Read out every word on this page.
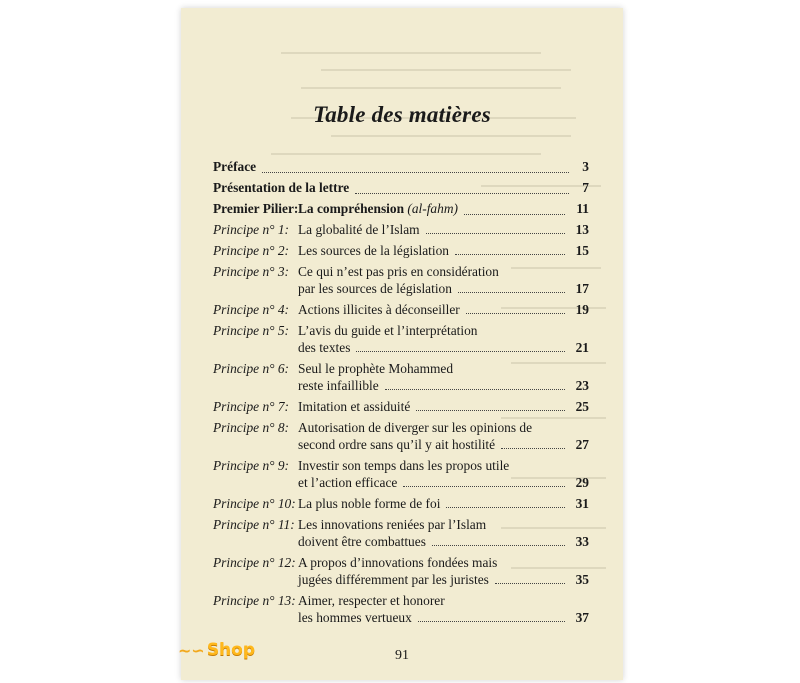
Table des matières
Préface	3
Présentation de la lettre	7
Premier Pilier: La compréhension (al-fahm)	11
Principe n° 1: La globalité de l’Islam	13
Principe n° 2: Les sources de la législation	15
Principe n° 3: Ce qui n’est pas pris en considération
par les sources de législation	17
Principe n° 4: Actions illicites à déconseiller	19
Principe n° 5: L’avis du guide et l’interprétation
des textes	21
Principe n° 6: Seul le prophète Mohammed
reste infaillible	23
Principe n° 7: Imitation et assiduité	25
Principe n° 8: Autorisation de diverger sur les opinions de
second ordre sans qu’il y ait hostilité	27
Principe n° 9: Investir son temps dans les propos utile
et l’action efficace	29
Principe n° 10: La plus noble forme de foi	31
Principe n° 11: Les innovations reniées par l’Islam
doivent être combattues	33
Principe n° 12: A propos d’innovations fondées mais
jugées différemment par les juristes	35
Principe n° 13: Aimer, respecter et honorer
les hommes vertueux	37
91
~∽ Shop
